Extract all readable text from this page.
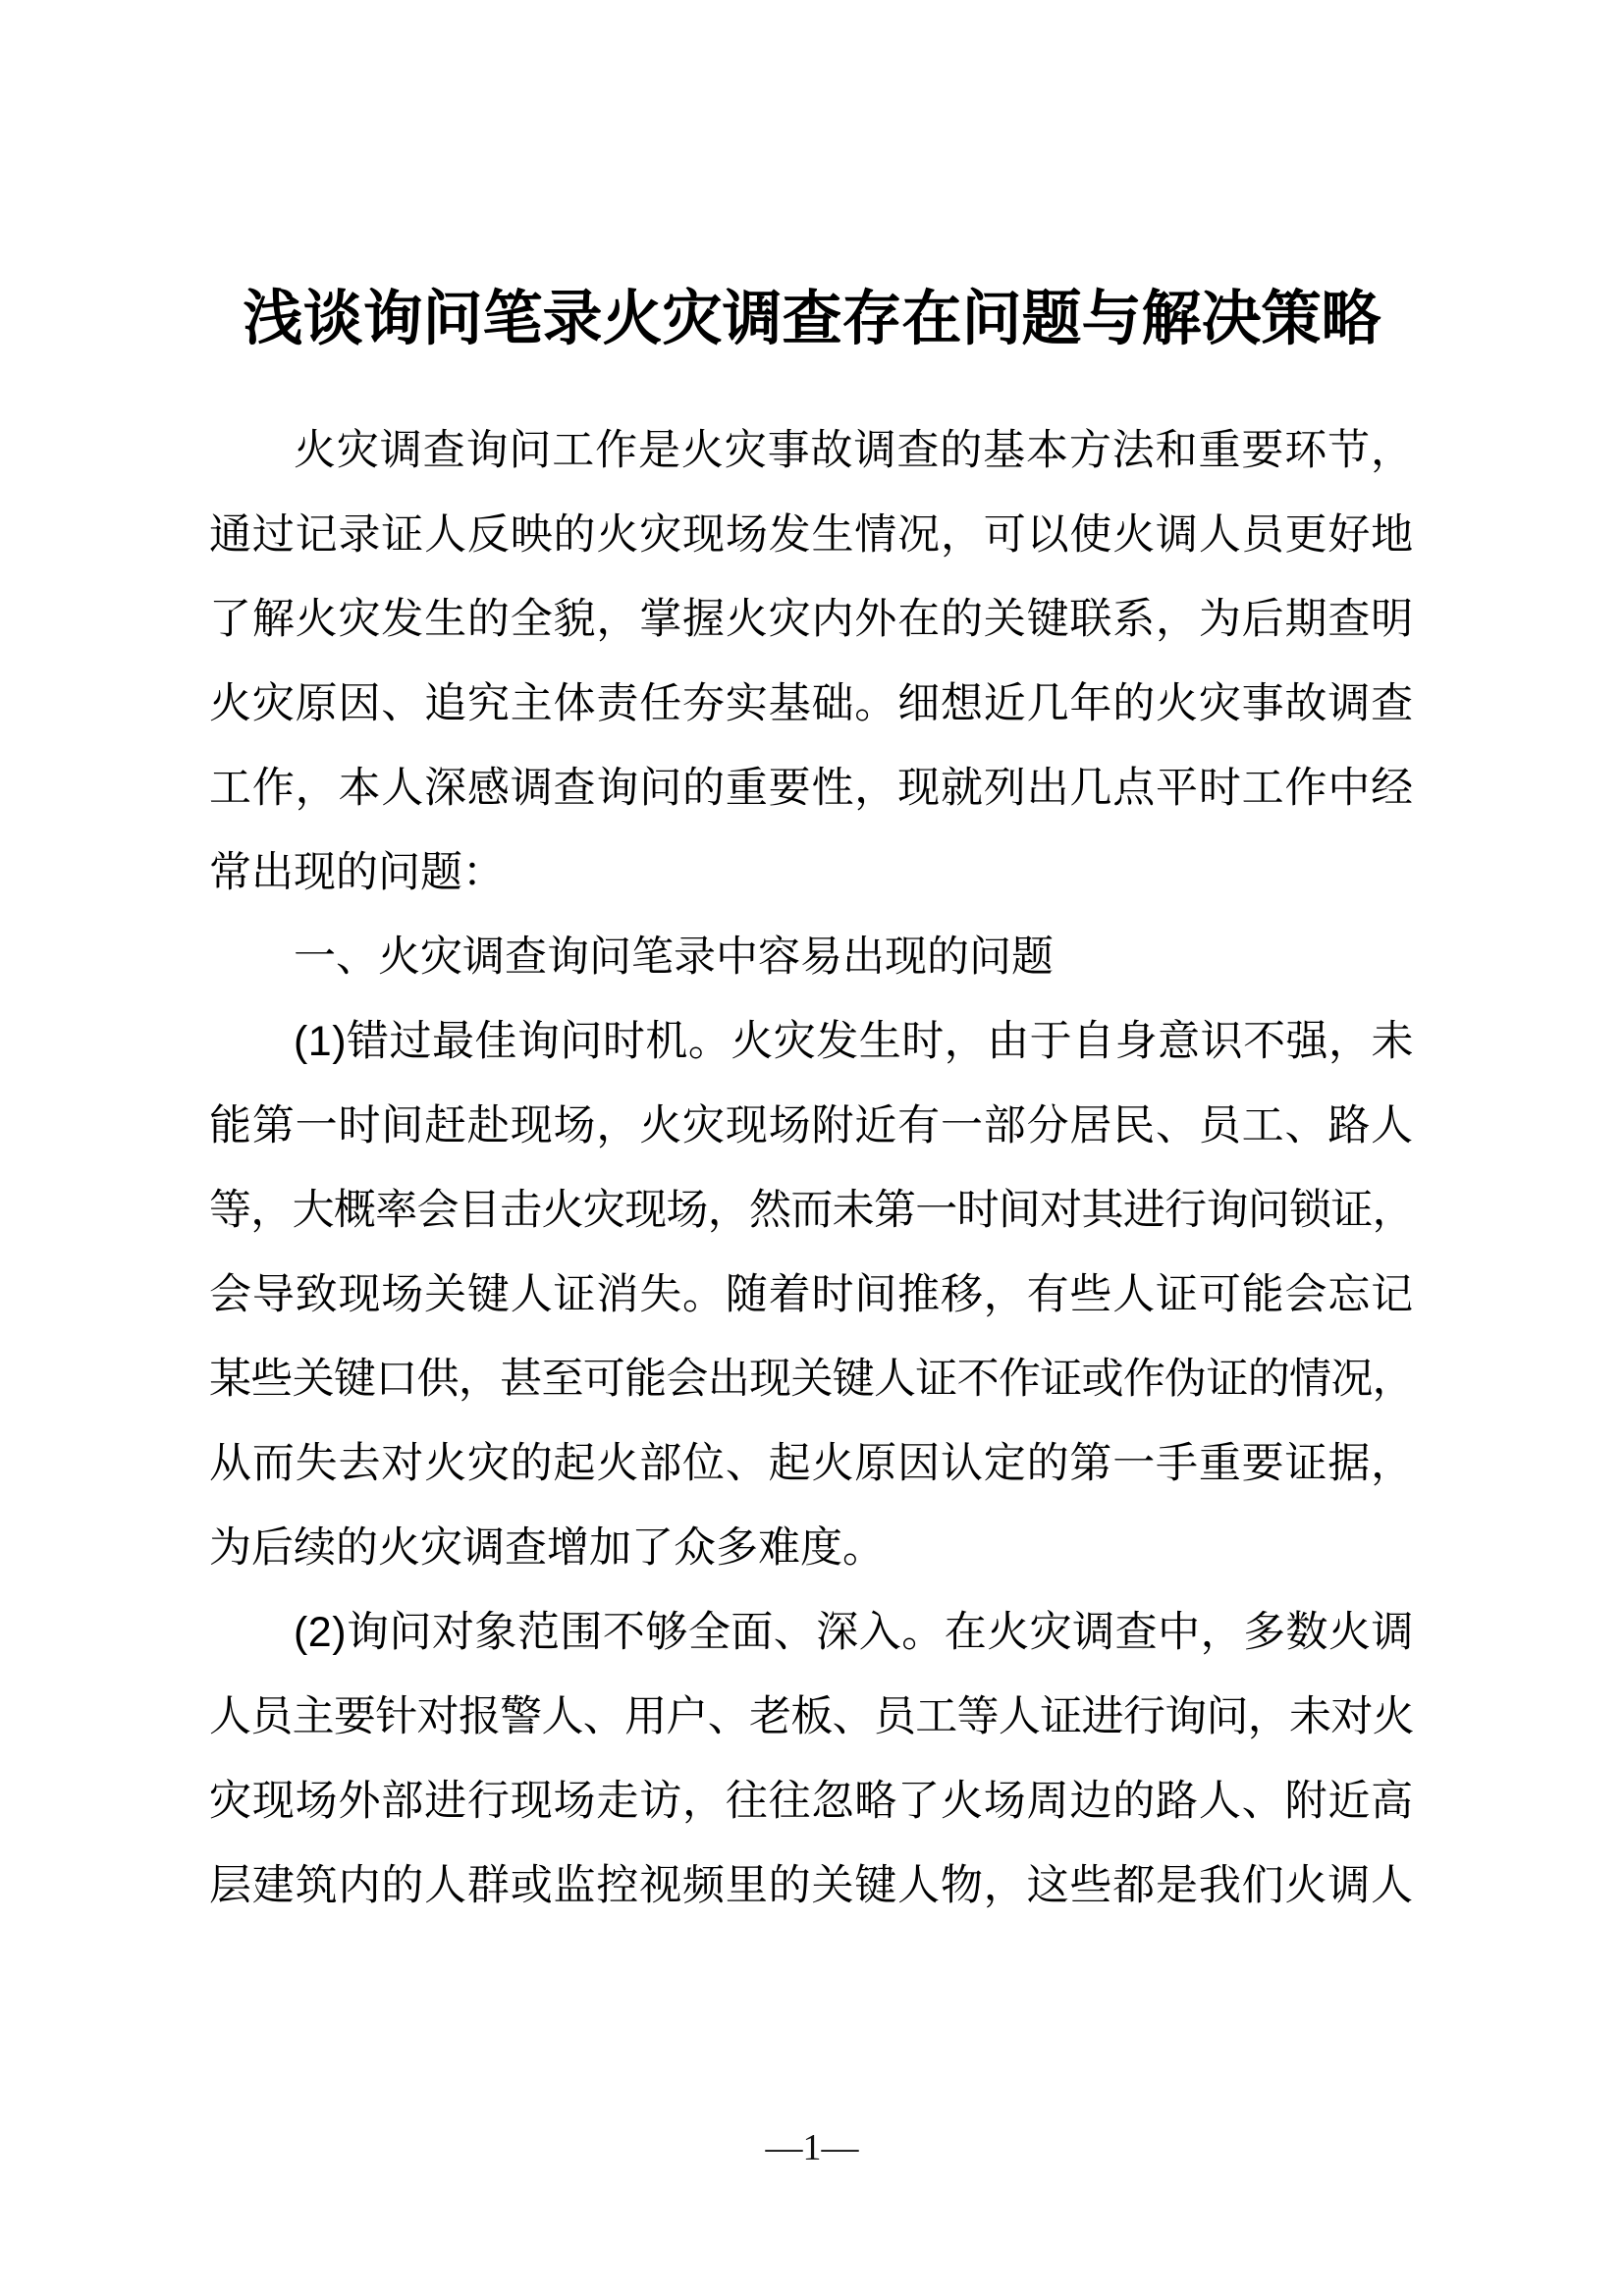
浅谈询问笔录火灾调查存在问题与解决策略
火灾调查询问工作是火灾事故调查的基本方法和重要环节，
通过记录证人反映的火灾现场发生情况，可以使火调人员更好地
了解火灾发生的全貌，掌握火灾内外在的关键联系，为后期查明
火灾原因、追究主体责任夯实基础。细想近几年的火灾事故调查
工作，本人深感调查询问的重要性，现就列出几点平时工作中经
常出现的问题：
一、火灾调查询问笔录中容易出现的问题
(1)错过最佳询问时机。火灾发生时，由于自身意识不强，未
能第一时间赶赴现场，火灾现场附近有一部分居民、员工、路人
等，大概率会目击火灾现场，然而未第一时间对其进行询问锁证，
会导致现场关键人证消失。随着时间推移，有些人证可能会忘记
某些关键口供，甚至可能会出现关键人证不作证或作伪证的情况，
从而失去对火灾的起火部位、起火原因认定的第一手重要证据，
为后续的火灾调查增加了众多难度。
(2)询问对象范围不够全面、深入。在火灾调查中，多数火调
人员主要针对报警人、用户、老板、员工等人证进行询问，未对火
灾现场外部进行现场走访，往往忽略了火场周边的路人、附近高
层建筑内的人群或监控视频里的关键人物，这些都是我们火调人
—1—
